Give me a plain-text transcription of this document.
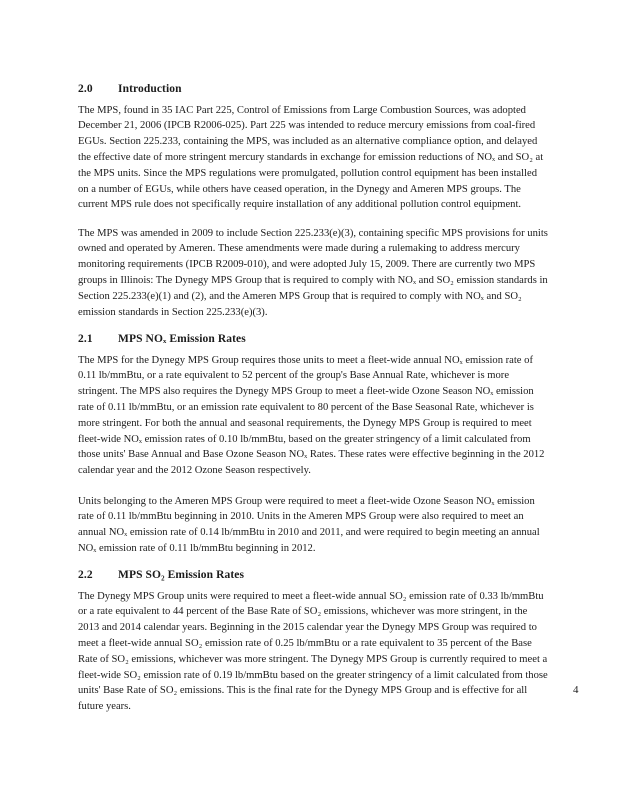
2.0 Introduction

The MPS, found in 35 IAC Part 225, Control of Emissions from Large Combustion Sources, was adopted December 21, 2006 (IPCB R2006-025). Part 225 was intended to reduce mercury emissions from coal-fired EGUs. Section 225.233, containing the MPS, was included as an alternative compliance option, and delayed the effective date of more stringent mercury standards in exchange for emission reductions of NOₓ and SO₂ at the MPS units. Since the MPS regulations were promulgated, pollution control equipment has been installed on a number of EGUs, while others have ceased operation, in the Dynegy and Ameren MPS groups. The current MPS rule does not specifically require installation of any additional pollution control equipment.

The MPS was amended in 2009 to include Section 225.233(e)(3), containing specific MPS provisions for units owned and operated by Ameren. These amendments were made during a rulemaking to address mercury monitoring requirements (IPCB R2009-010), and were adopted July 15, 2009. There are currently two MPS groups in Illinois: The Dynegy MPS Group that is required to comply with NOₓ and SO₂ emission standards in Section 225.233(e)(1) and (2), and the Ameren MPS Group that is required to comply with NOₓ and SO₂ emission standards in Section 225.233(e)(3).

2.1 MPS NOₓ Emission Rates

The MPS for the Dynegy MPS Group requires those units to meet a fleet-wide annual NOₓ emission rate of 0.11 lb/mmBtu, or a rate equivalent to 52 percent of the group's Base Annual Rate, whichever is more stringent. The MPS also requires the Dynegy MPS Group to meet a fleet-wide Ozone Season NOₓ emission rate of 0.11 lb/mmBtu, or an emission rate equivalent to 80 percent of the Base Seasonal Rate, whichever is more stringent. For both the annual and seasonal requirements, the Dynegy MPS Group is required to meet fleet-wide NOₓ emission rates of 0.10 lb/mmBtu, based on the greater stringency of a limit calculated from those units' Base Annual and Base Ozone Season NOₓ Rates. These rates were effective beginning in the 2012 calendar year and the 2012 Ozone Season respectively.

Units belonging to the Ameren MPS Group were required to meet a fleet-wide Ozone Season NOₓ emission rate of 0.11 lb/mmBtu beginning in 2010. Units in the Ameren MPS Group were also required to meet an annual NOₓ emission rate of 0.14 lb/mmBtu in 2010 and 2011, and were required to begin meeting an annual NOₓ emission rate of 0.11 lb/mmBtu beginning in 2012.

2.2 MPS SO₂ Emission Rates

The Dynegy MPS Group units were required to meet a fleet-wide annual SO₂ emission rate of 0.33 lb/mmBtu or a rate equivalent to 44 percent of the Base Rate of SO₂ emissions, whichever was more stringent, in the 2013 and 2014 calendar years. Beginning in the 2015 calendar year the Dynegy MPS Group was required to meet a fleet-wide annual SO₂ emission rate of 0.25 lb/mmBtu or a rate equivalent to 35 percent of the Base Rate of SO₂ emissions, whichever was more stringent. The Dynegy MPS Group is currently required to meet a fleet-wide SO₂ emission rate of 0.19 lb/mmBtu based on the greater stringency of a limit calculated from those units' Base Rate of SO₂ emissions. This is the final rate for the Dynegy MPS Group and is effective for all future years.

4
